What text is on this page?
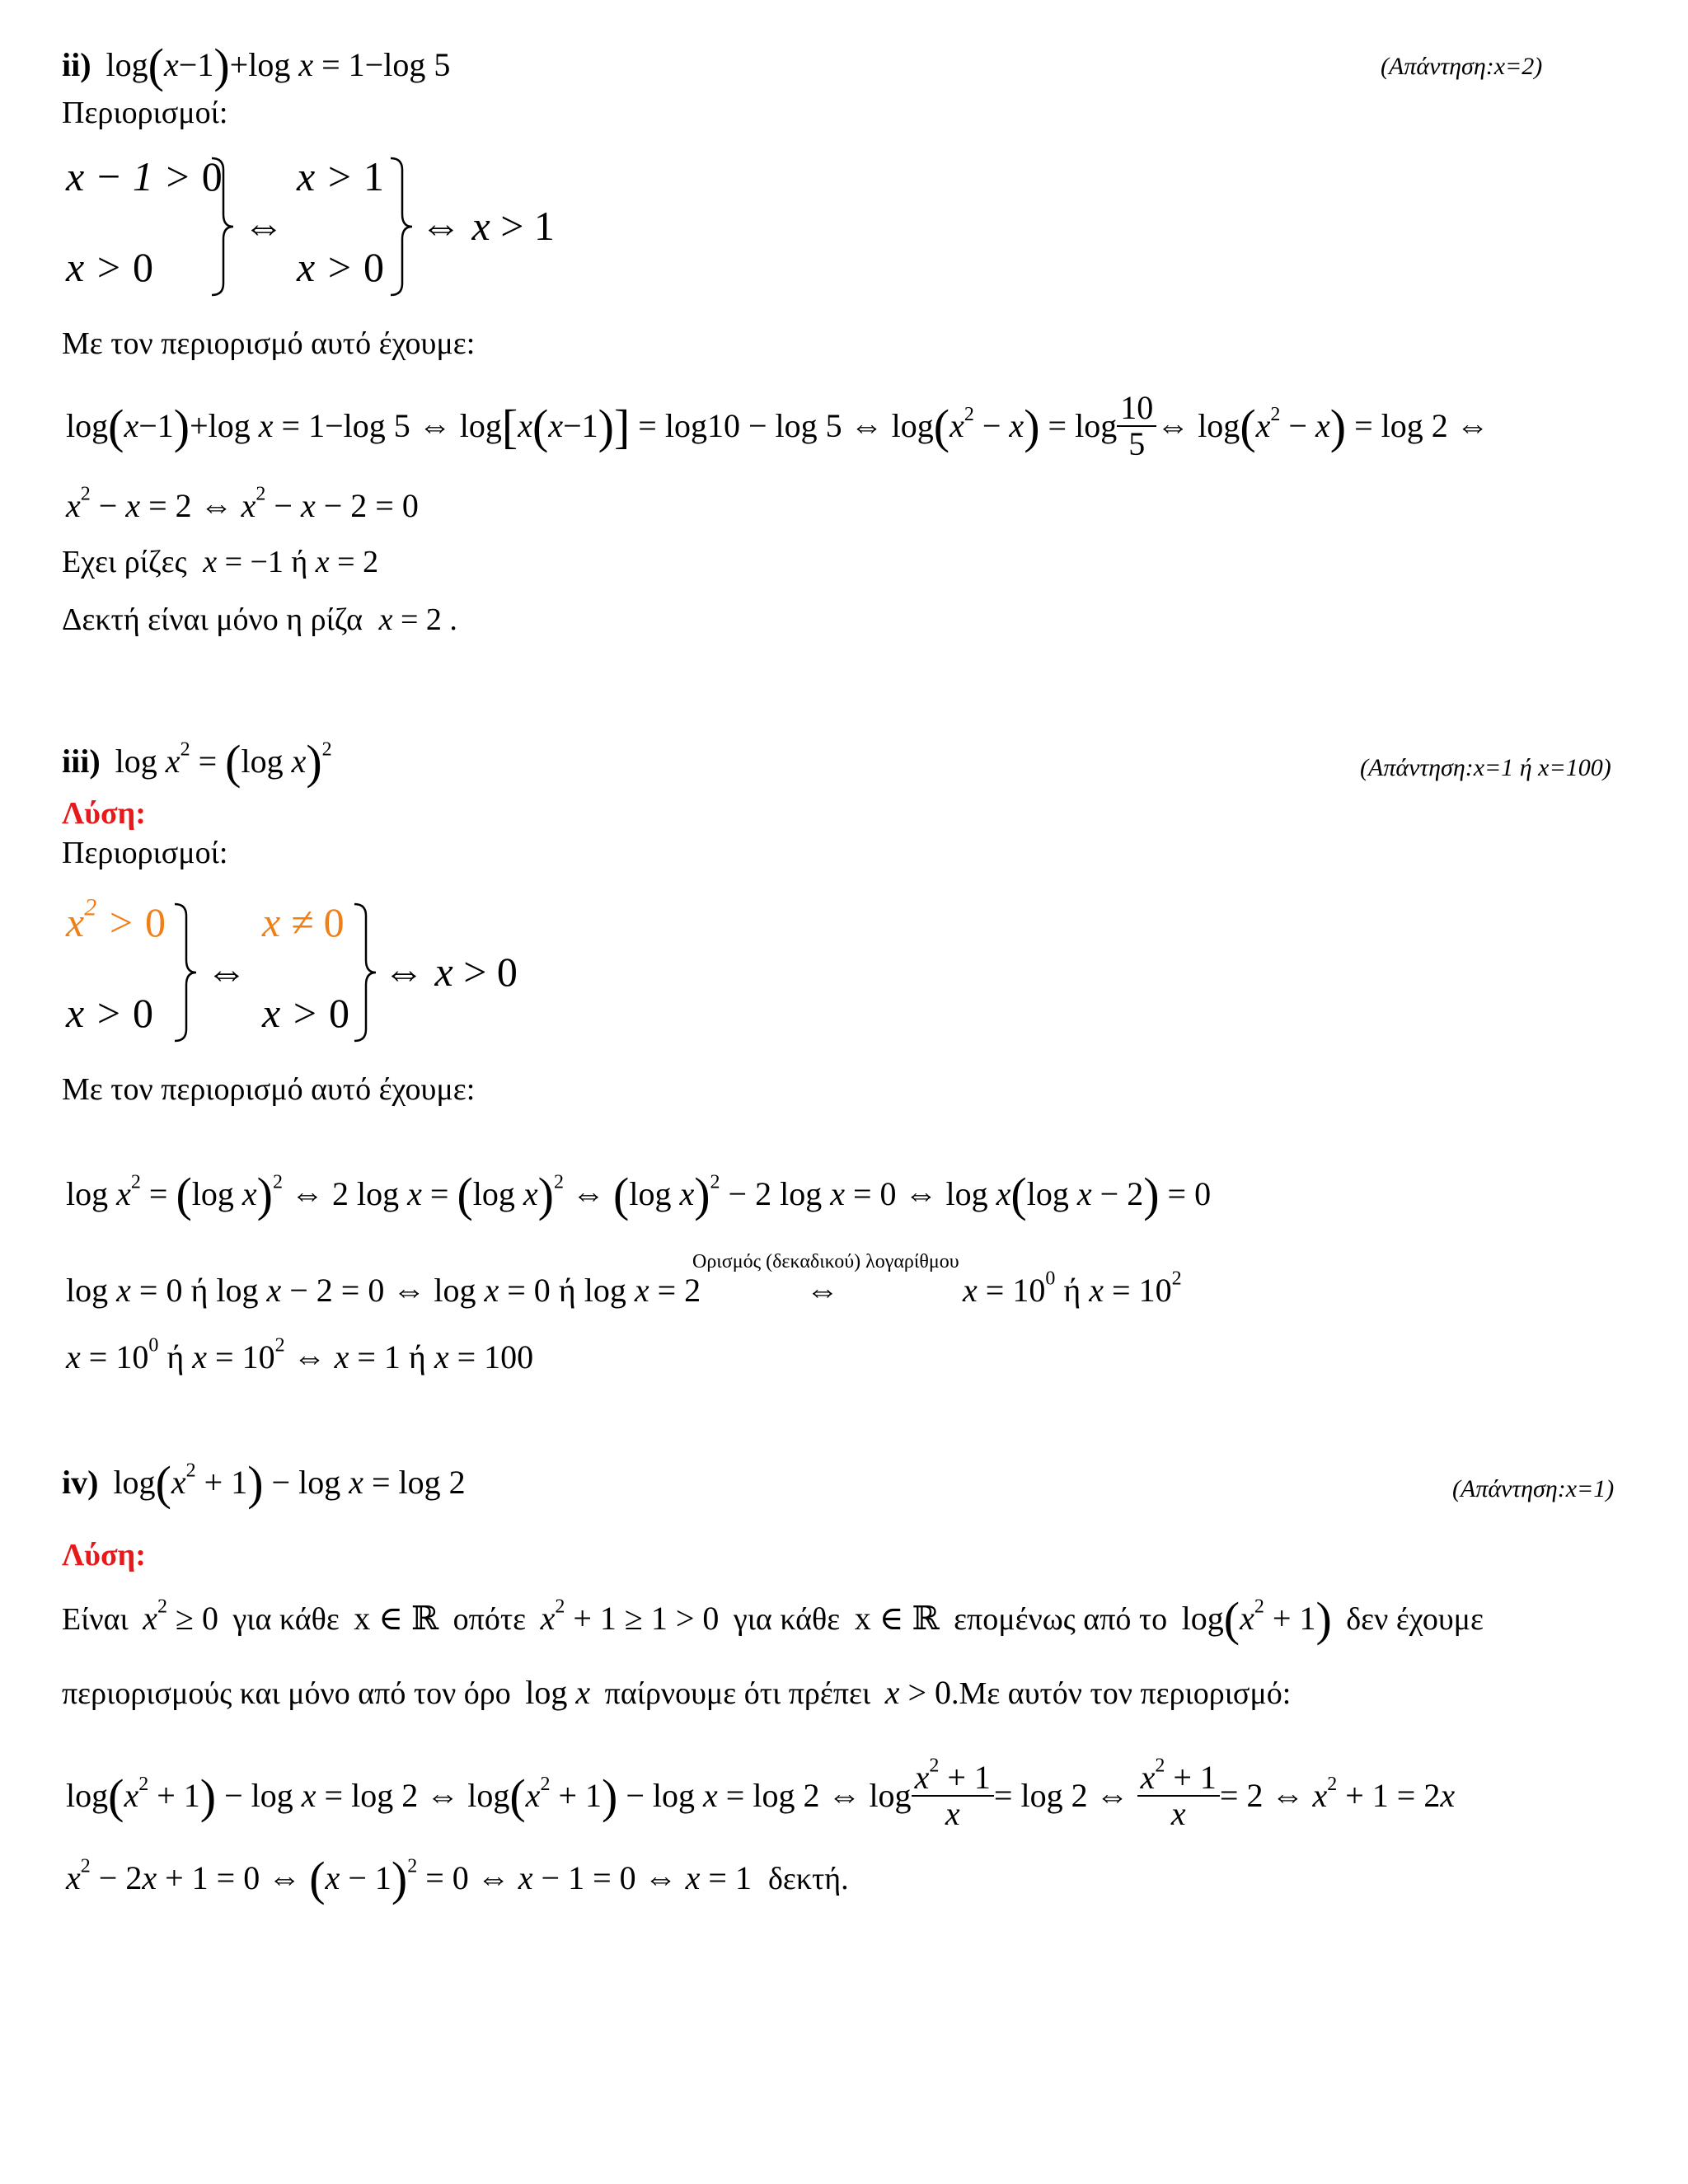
ii) log(x−1)+log x = 1−log 5	(Απάντηση:x=2)
Περιορισμοί:
x − 1 > 0
x > 0
⇔
x > 1
x > 0
⇔ x > 1
Με τον περιορισμό αυτό έχουμε:
log(x−1)+log x = 1−log 5 ⇔ log[x(x−1)] = log10 − log 5 ⇔ $\log(x^2 - x) = \log \frac{10}{5}$ ⇔ $\log(x^2 - x) = \log 2$ ⇔
$x^2 - x = 2$ ⇔ $x^2 - x - 2 = 0$
Εχει ρίζες x = −1 ή x = 2
Δεκτή είναι μόνο η ρίζα x = 2 .
iii) $\log x^2 = (\log$ x)$^2$
(Απάντηση:x=1 ή x=100)
Λύση:
Περιορισμοί:
$x^2 > 0$
x > 0
⇔
x ≠ 0
x > 0
⇔ x > 0
Με τον περιορισμό αυτό έχουμε:
$\log x^2 = (\log$ x)$^2$ ⇔ 2 log x = (log x)$^2$ ⇔ (log x)$^2$ − 2 log x = 0 ⇔ log x(log x − 2) = 0
Ορισμός (δεκαδικού) λογαρίθμου
log x = 0 ή log x − 2 = 0 ⇔ log x = 0 ή log x = 2	⇔	$x = 10^0$ ή $x = 10^2$
$x = 10^0$ ή $x = 10^2$ ⇔ x = 1 ή x = 100
iv) $\log(x^2 + 1) - \log x = \log 2$	(Απάντηση:x=1)
Λύση:
Είναι $x^2 \ge 0$ για κάθε x ∈ ℝ οπότε $x^2 + 1 \ge 1 > 0$ για κάθε x ∈ ℝ επομένως από το $\log(x^2 + 1)$ δεν έχουμε
περιορισμούς και μόνο από τον όρο log x παίρνουμε ότι πρέπει x > 0.Με αυτόν τον περιορισμό:
$\log(x^2 + 1) - \log x = \log 2$ ⇔ $\log(x^2 + 1) - \log x = \log 2$ ⇔ $\log \frac{x^2 + 1}{x} = \log 2$ ⇔ $\frac{x^2 + 1}{x} = 2$ ⇔ $x^2 + 1 = 2x$
$x^2 - 2x + 1 = 0$ ⇔ $(x - 1)^2 = 0$ ⇔ x − 1 = 0 ⇔ x = 1 δεκτή.
